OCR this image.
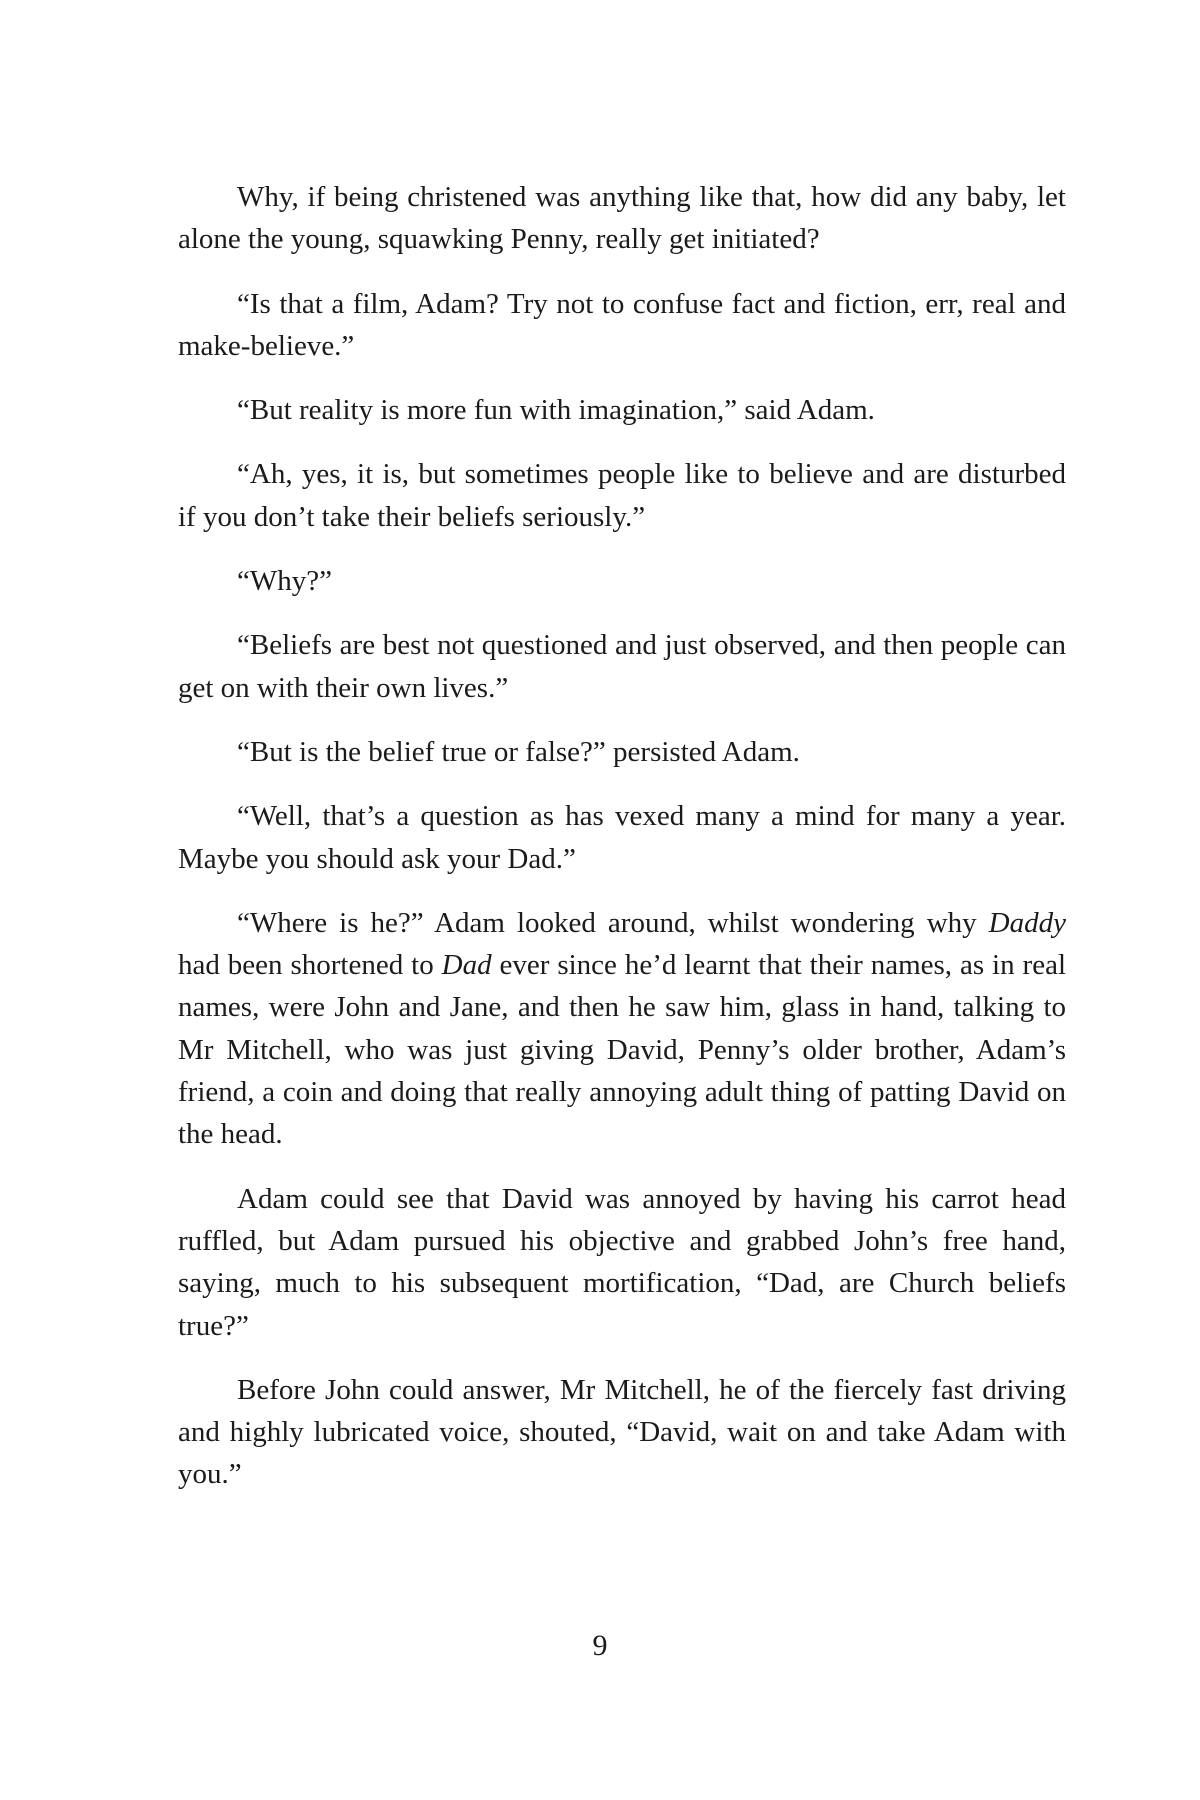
Why, if being christened was anything like that, how did any baby, let alone the young, squawking Penny, really get initiated?

“Is that a film, Adam? Try not to confuse fact and fiction, err, real and make-believe.”

“But reality is more fun with imagination,” said Adam.

“Ah, yes, it is, but sometimes people like to believe and are disturbed if you don’t take their beliefs seriously.”

“Why?”

“Beliefs are best not questioned and just observed, and then people can get on with their own lives.”

“But is the belief true or false?” persisted Adam.

“Well, that’s a question as has vexed many a mind for many a year. Maybe you should ask your Dad.”

“Where is he?” Adam looked around, whilst wondering why Daddy had been shortened to Dad ever since he’d learnt that their names, as in real names, were John and Jane, and then he saw him, glass in hand, talking to Mr Mitchell, who was just giving David, Penny’s older brother, Adam’s friend, a coin and doing that really annoying adult thing of patting David on the head.

Adam could see that David was annoyed by having his carrot head ruffled, but Adam pursued his objective and grabbed John’s free hand, saying, much to his subsequent mortification, “Dad, are Church beliefs true?”

Before John could answer, Mr Mitchell, he of the fiercely fast driving and highly lubricated voice, shouted, “David, wait on and take Adam with you.”

9
